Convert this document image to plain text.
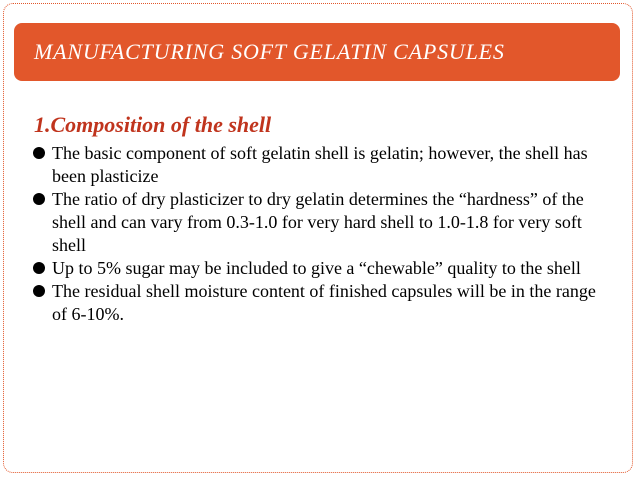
MANUFACTURING SOFT GELATIN CAPSULES
1.Composition of the shell
The basic component of soft gelatin shell is gelatin; however, the shell has been plasticize
The ratio of dry plasticizer to dry gelatin determines the “hardness” of the shell and can vary from 0.3-1.0 for very hard shell to 1.0-1.8 for very soft shell
Up to 5% sugar may be included to give a “chewable” quality to the shell
The residual shell moisture content of finished capsules will be in the range of 6-10%.
